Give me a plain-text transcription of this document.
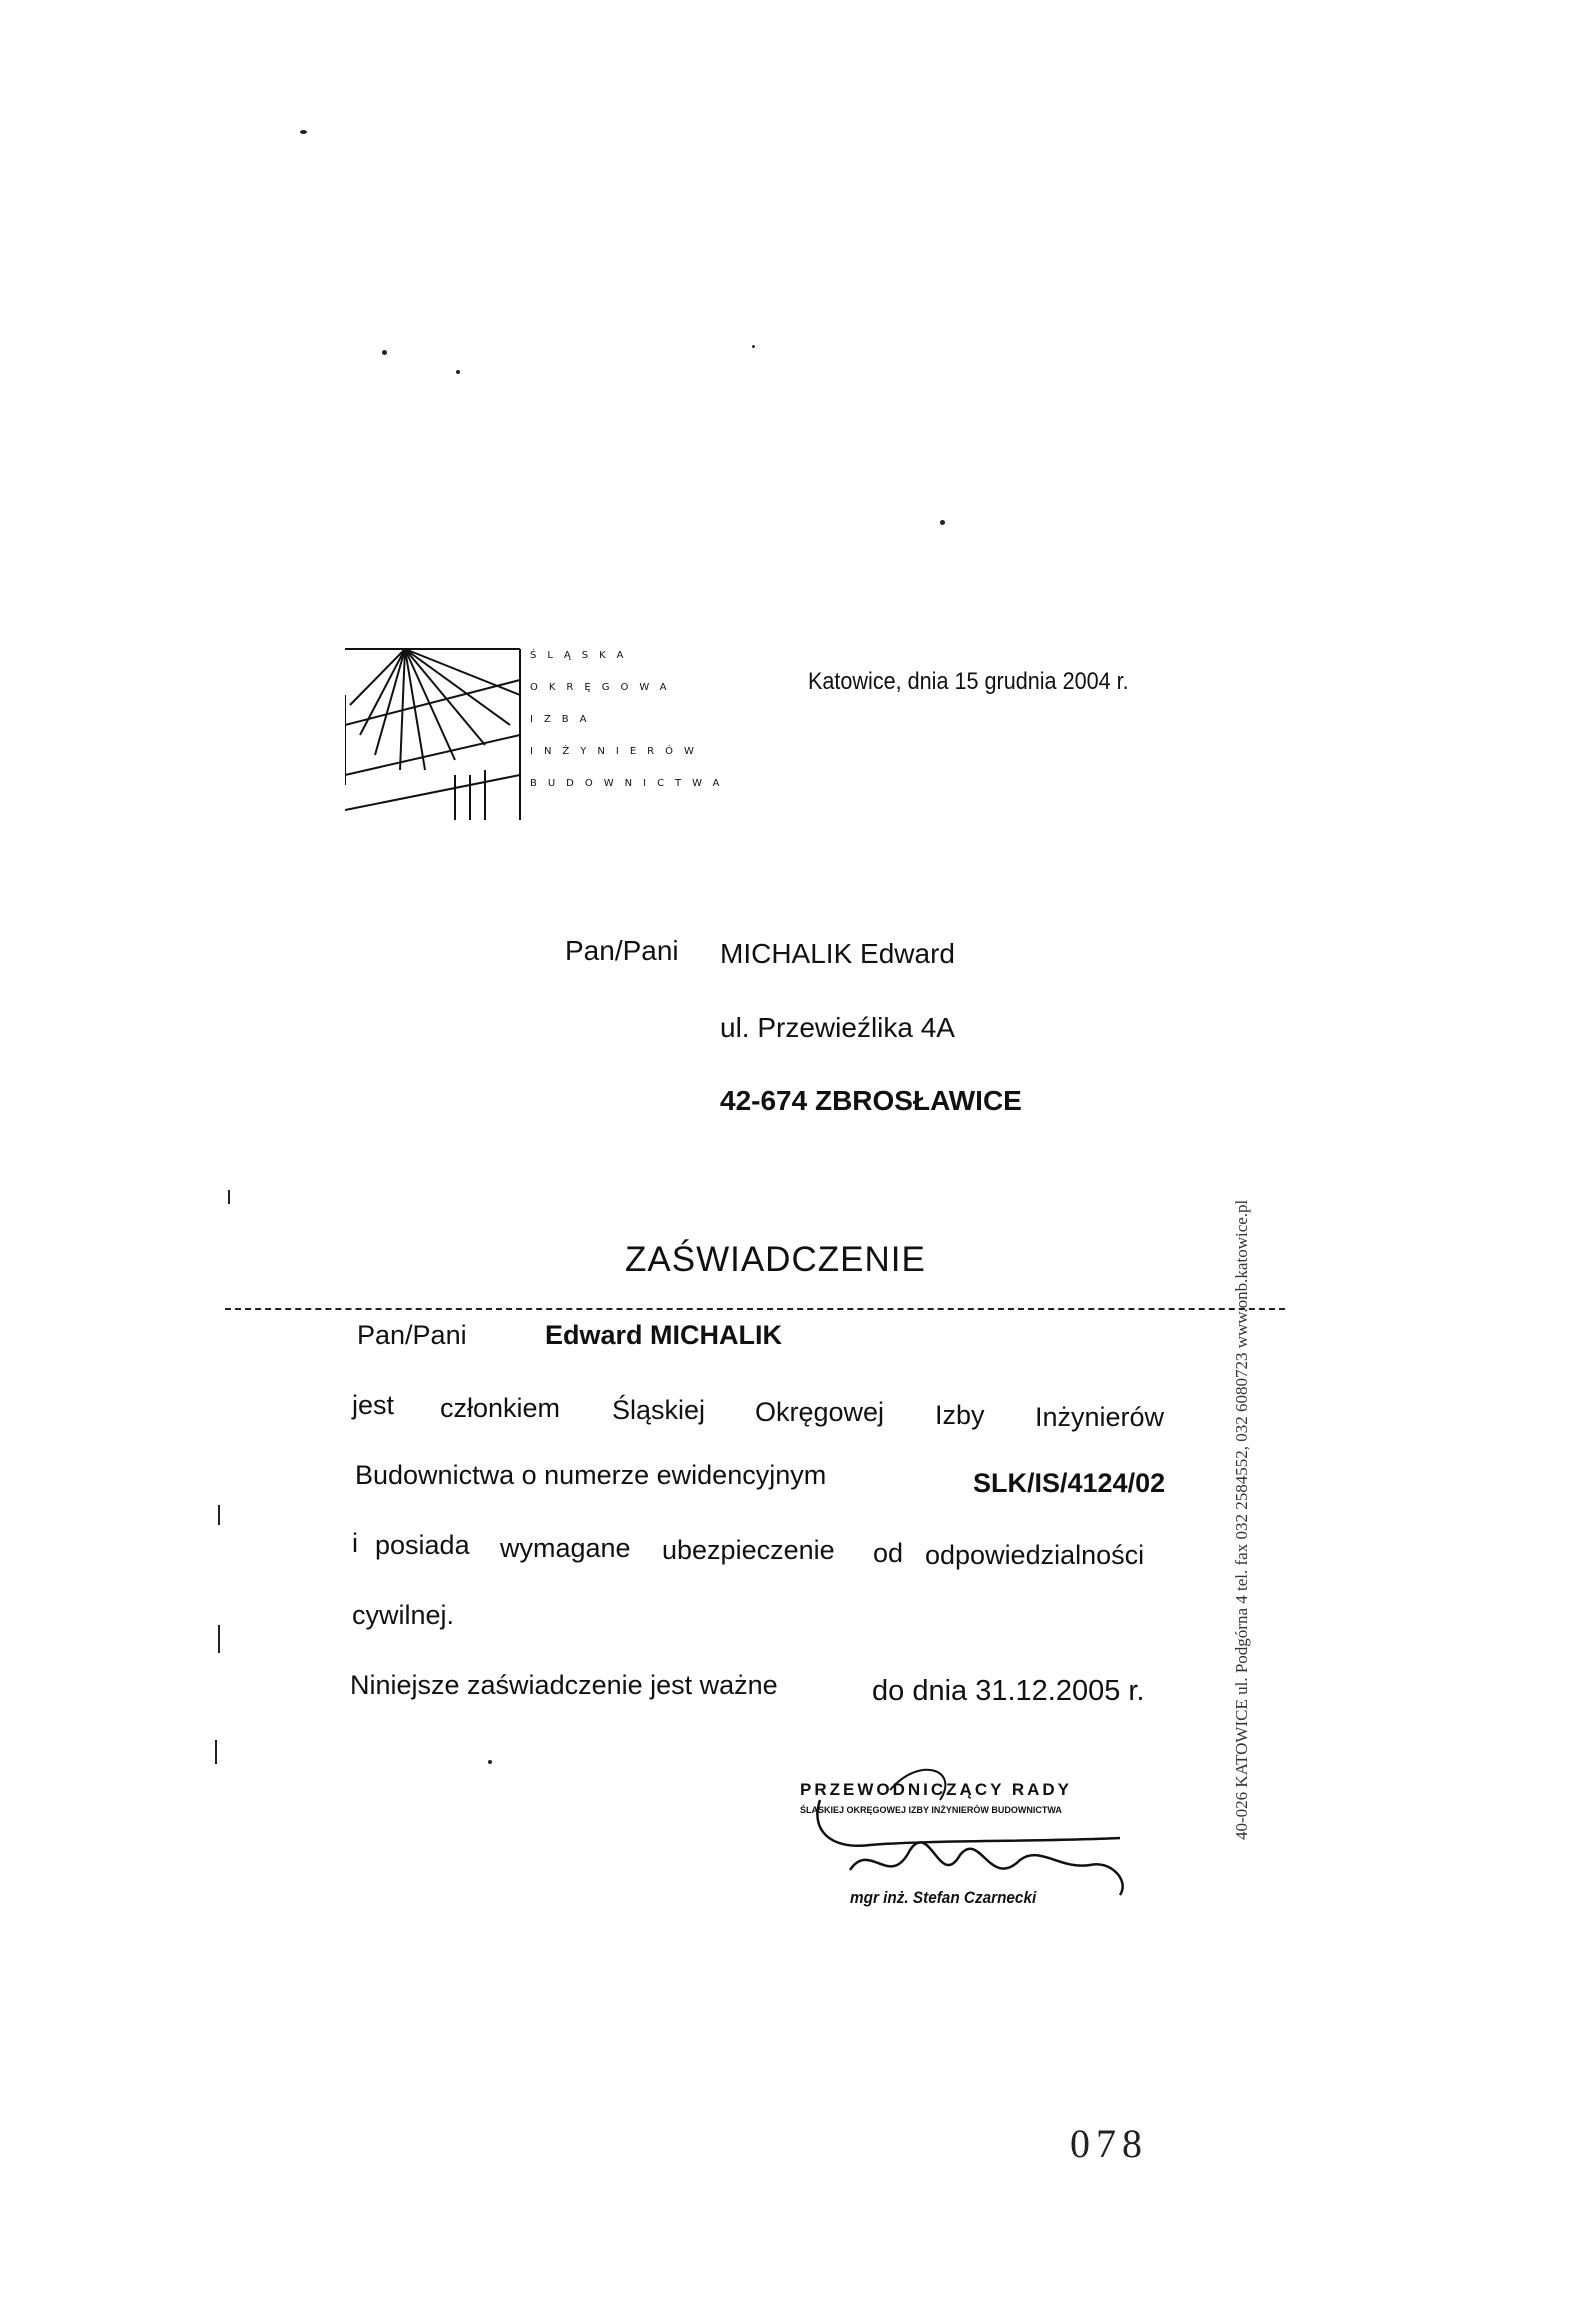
ŚLĄSKA
OKRĘGOWA
IZBA
INŻYNIERÓW
BUDOWNICTWA
Katowice, dnia 15 grudnia 2004 r.
Pan/Pani MICHALIK Edward
ul. Przewieźlika 4A
42-674 ZBROSŁAWICE
ZAŚWIADCZENIE
Pan/Pani	Edward MICHALIK
jest członkiem Śląskiej Okręgowej Izby Inżynierów
Budownictwa o numerze ewidencyjnym	SLK/IS/4124/02
i posiada wymagane ubezpieczenie od odpowiedzialności
cywilnej.
Niniejsze zaświadczenie jest ważne	do dnia 31.12.2005 r.
PRZEWODNICZĄCY RADY
ŚLĄSKIEJ OKRĘGOWEJ IZBY INŻYNIERÓW BUDOWNICTWA
mgr inż. Stefan Czarnecki
40-026 KATOWICE ul. Podgórna 4 tel. fax 032 2584552, 032 6080723 www.onb.katowice.pl
078
